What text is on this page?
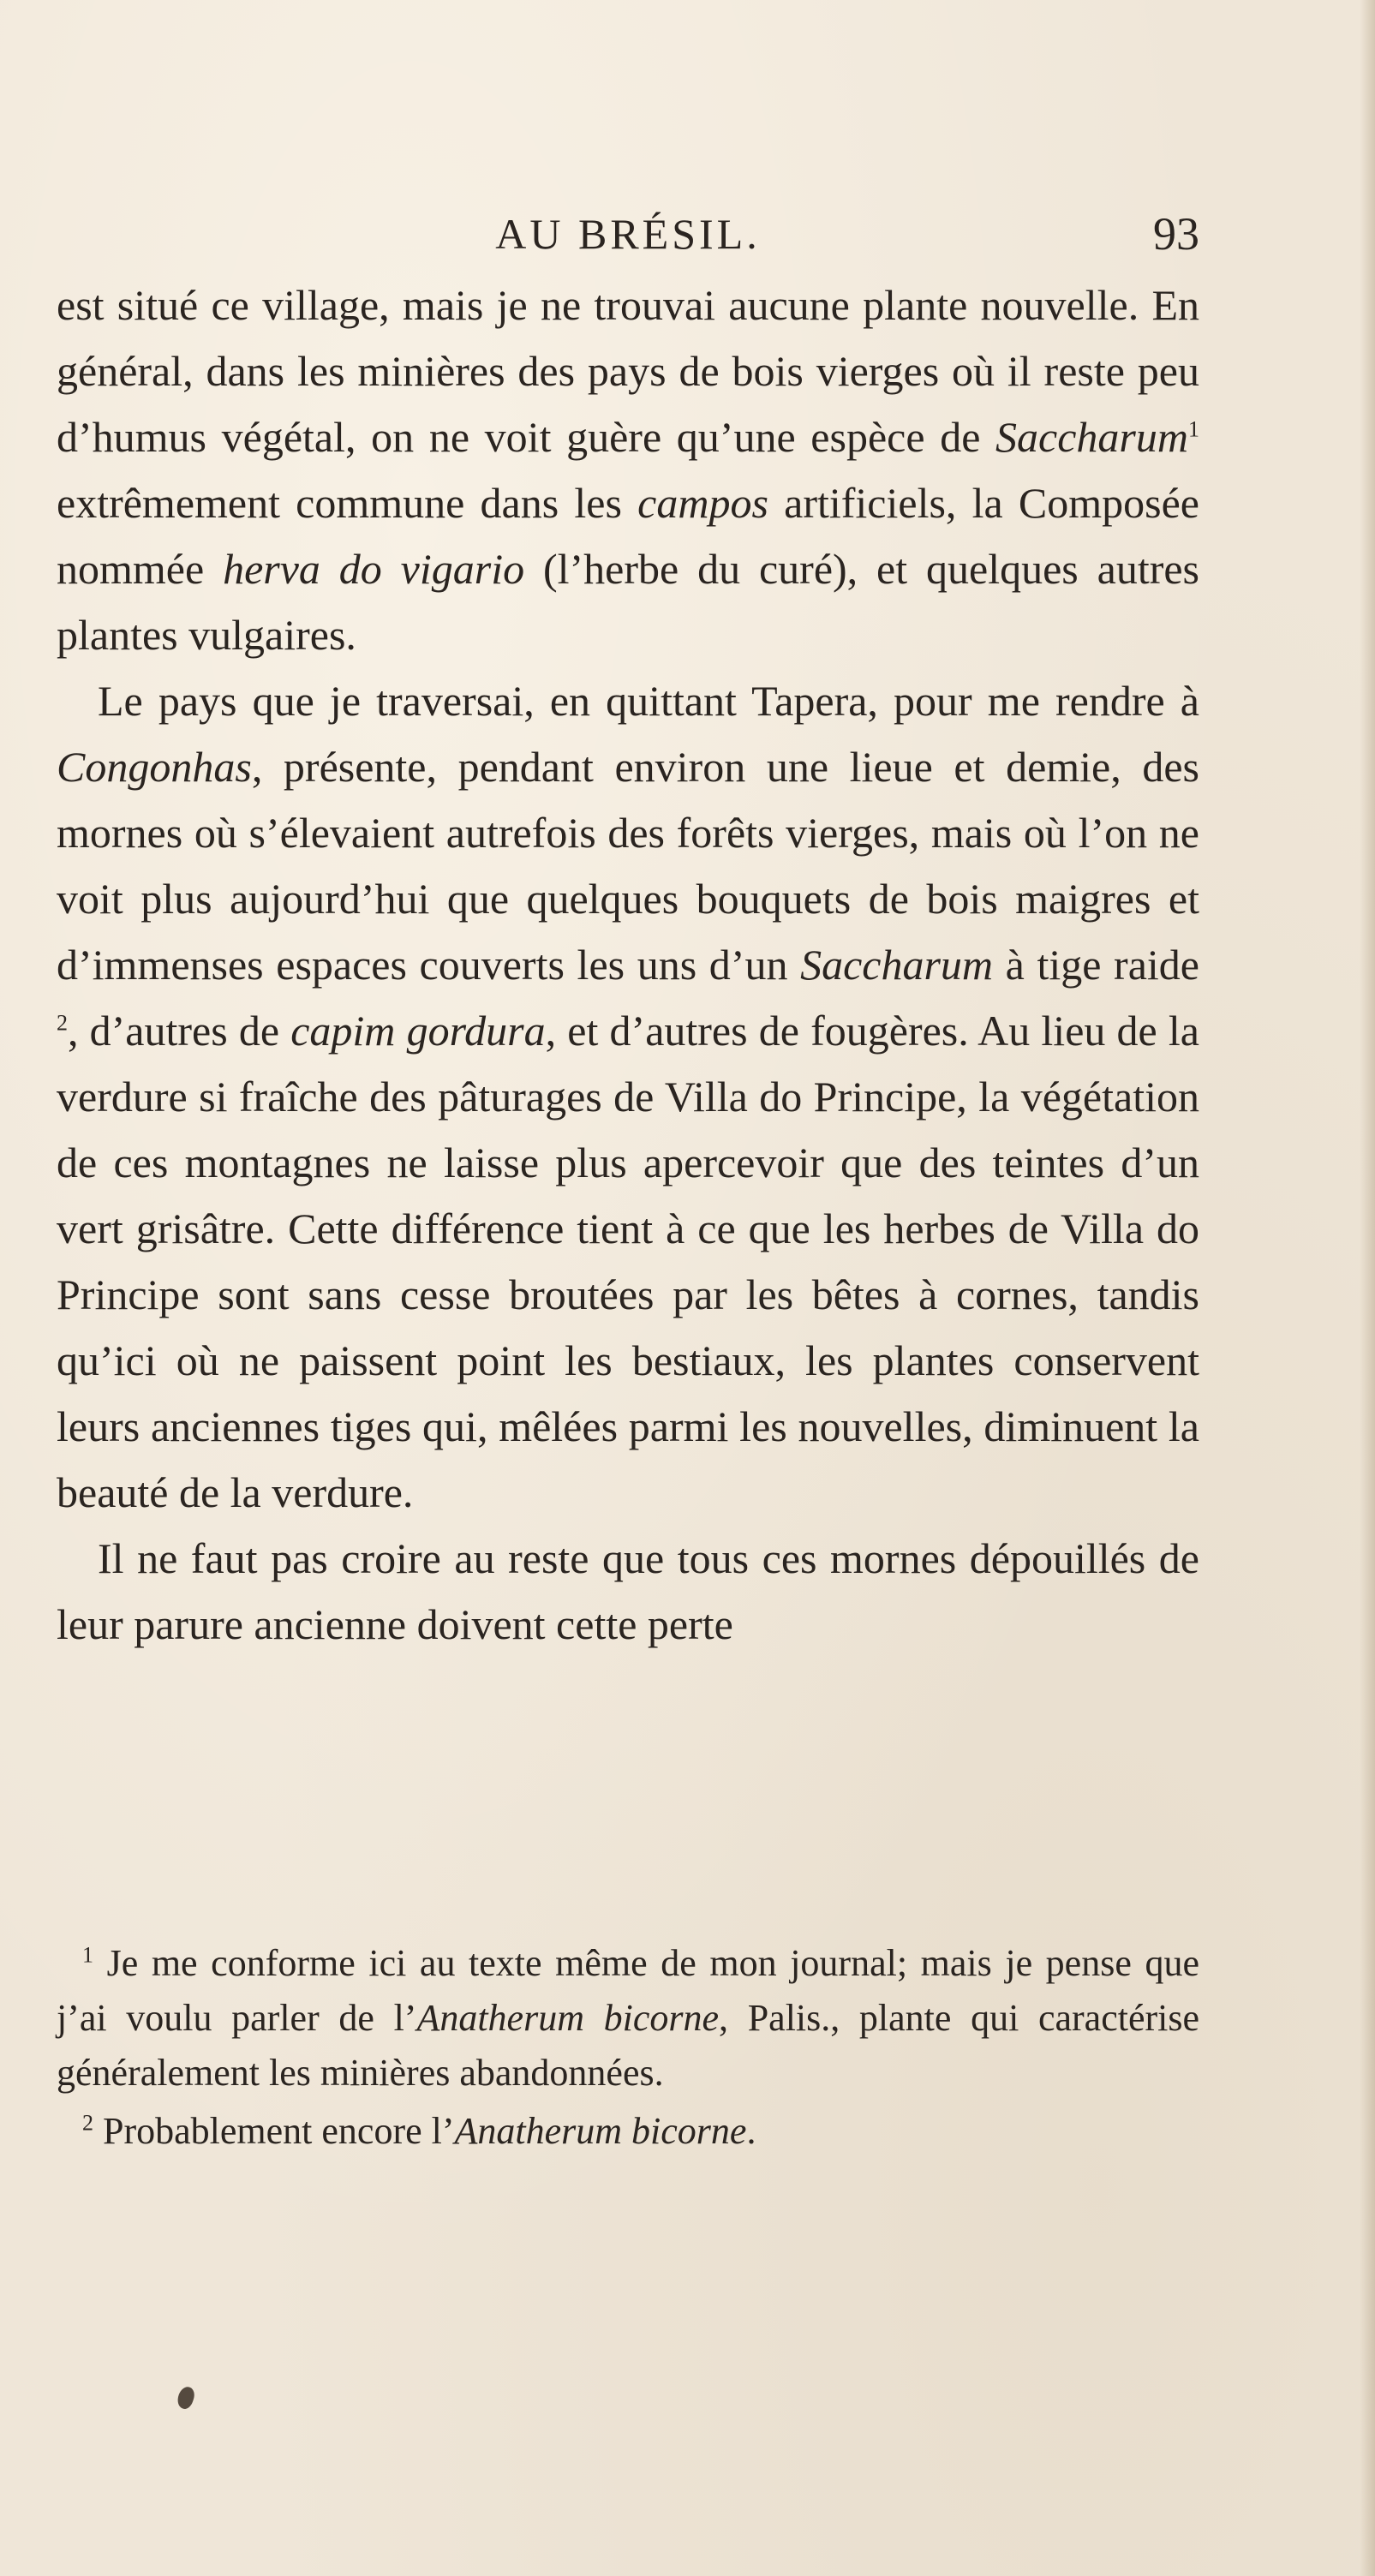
AU BRÉSIL.	93

est situé ce village, mais je ne trouvai aucune plante nouvelle. En général, dans les minières des pays de bois vierges où il reste peu d’humus végétal, on ne voit guère qu’une espèce de Saccharum$^1$ extrêmement commune dans les campos artificiels, la Composée nommée herva do vigario (l’herbe du curé), et quelques autres plantes vulgaires.

Le pays que je traversai, en quittant Tapera, pour me rendre à Congonhas, présente, pendant environ une lieue et demie, des mornes où s’élevaient autrefois des forêts vierges, mais où l’on ne voit plus aujourd’hui que quelques bouquets de bois maigres et d’immenses espaces couverts les uns d’un Saccharum à tige raide $^2$, d’autres de capim gordura, et d’autres de fougères. Au lieu de la verdure si fraîche des pâturages de Villa do Principe, la végétation de ces montagnes ne laisse plus apercevoir que des teintes d’un vert grisâtre. Cette différence tient à ce que les herbes de Villa do Principe sont sans cesse broutées par les bêtes à cornes, tandis qu’ici où ne paissent point les bestiaux, les plantes conservent leurs anciennes tiges qui, mêlées parmi les nouvelles, diminuent la beauté de la verdure.

Il ne faut pas croire au reste que tous ces mornes dépouillés de leur parure ancienne doivent cette perte

$^1$ Je me conforme ici au texte même de mon journal; mais je pense que j’ai voulu parler de l’Anatherum bicorne, Palis., plante qui caractérise généralement les minières abandonnées.

$^2$ Probablement encore l’Anatherum bicorne.
